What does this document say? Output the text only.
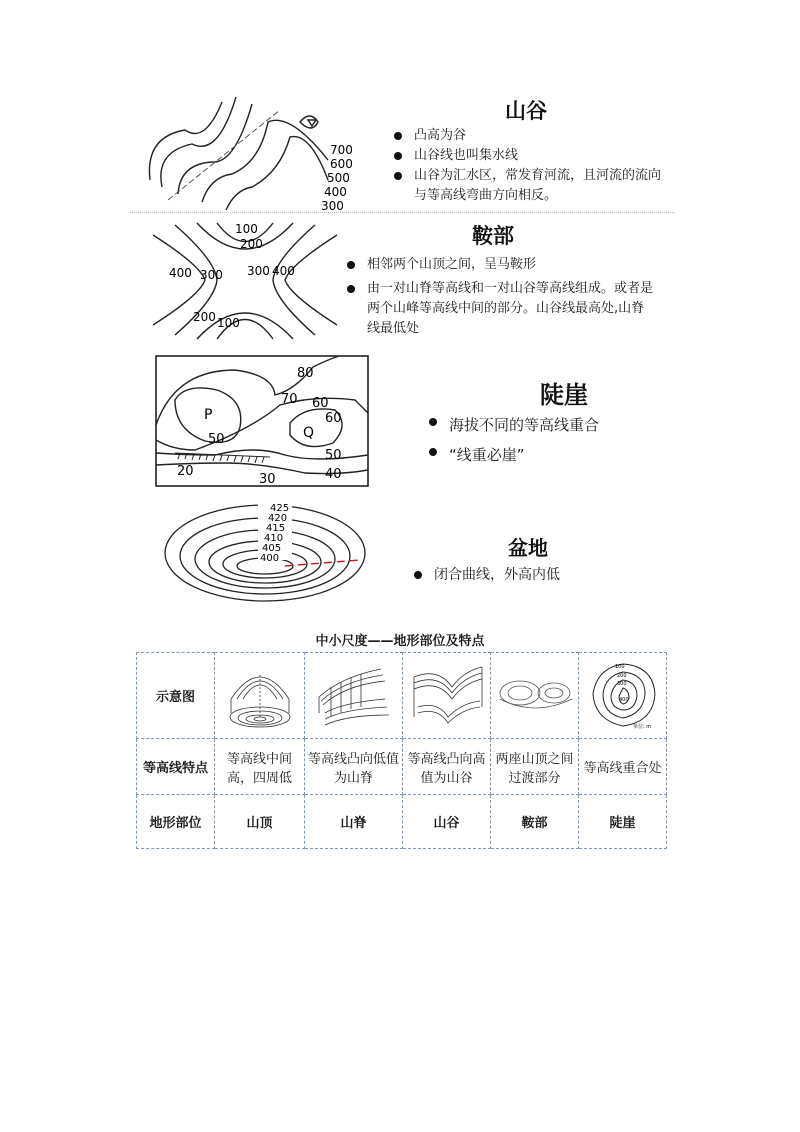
700
600
500
400
300
山谷
凸高为谷
山谷线也叫集水线
山谷为汇水区，常发育河流，且河流的流向与等高线弯曲方向相反。
100
200
400 300 300 400
200 100
鞍部
相邻两个山顶之间，呈马鞍形
由一对山脊等高线和一对山谷等高线组成。或者是两个山峰等高线中间的部分。山谷线最高处,山脊线最低处
80
70 60
60
P
50	Q
50
40
20
30
陡崖
海拔不同的等高线重合
“线重必崖”
425
420
415
410
405
400	盆地
闭合曲线，外高内低
中小尺度——地形部位及特点
示意图					100
200
300
400
单位: m

等高线特点	等高线中间高，四周低	等高线凸向低值为山脊	等高线凸向高值为山谷	两座山顶之间过渡部分	等高线重合处
地形部位	山顶	山脊	山谷	鞍部	陡崖
